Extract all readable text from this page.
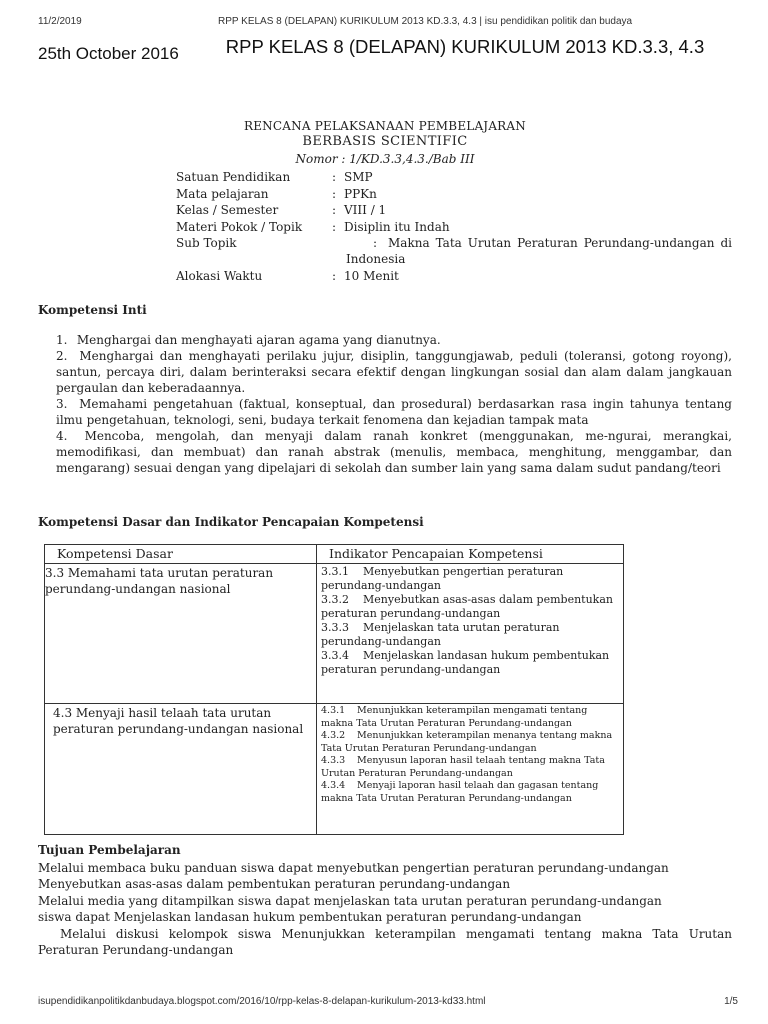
11/2/2019	RPP KELAS 8 (DELAPAN) KURIKULUM 2013 KD.3.3, 4.3 | isu pendidikan politik dan budaya
25th October 2016	RPP KELAS 8 (DELAPAN) KURIKULUM 2013 KD.3.3, 4.3
RENCANA PELAKSANAAN PEMBELAJARAN
BERBASIS SCIENTIFIC
Nomor : 1/KD.3.3,4.3./Bab III
Satuan Pendidikan	: SMP
Mata pelajaran	: PPKn
Kelas / Semester	: VIII / 1
Materi Pokok / Topik : Disiplin itu Indah
Sub Topik	: Makna Tata Urutan Peraturan Perundang-undangan di
Indonesia
Alokasi Waktu	: 10 Menit
Kompetensi Inti
1. Menghargai dan menghayati ajaran agama yang dianutnya.
2. Menghargai dan menghayati perilaku jujur, disiplin, tanggungjawab, peduli (toleransi, gotong royong), santun, percaya diri, dalam berinteraksi secara efektif dengan lingkungan sosial dan alam dalam jangkauan pergaulan dan keberadaannya.
3. Memahami pengetahuan (faktual, konseptual, dan prosedural) berdasarkan rasa ingin tahunya tentang ilmu pengetahuan, teknologi, seni, budaya terkait fenomena dan kejadian tampak mata
4. Mencoba, mengolah, dan menyaji dalam ranah konkret (menggunakan, me-ngurai, merangkai, memodifikasi, dan membuat) dan ranah abstrak (menulis, membaca, menghitung, menggambar, dan mengarang) sesuai dengan yang dipelajari di sekolah dan sumber lain yang sama dalam sudut pandang/teori
Kompetensi Dasar dan Indikator Pencapaian Kompetensi
Kompetensi Dasar	Indikator Pencapaian Kompetensi

3.3 Memahami tata urutan peraturan perundang-undangan nasional	3.3.1 Menyebutkan pengertian peraturan perundang-undangan
3.3.2 Menyebutkan asas-asas dalam pembentukan peraturan perundang-undangan
3.3.3 Menjelaskan tata urutan peraturan perundang-undangan
3.3.4 Menjelaskan landasan hukum pembentukan peraturan perundang-undangan

4.3 Menyaji hasil telaah tata urutan peraturan perundang-undangan nasional	4.3.1 Menunjukkan keterampilan mengamati tentang makna Tata Urutan Peraturan Perundang-undangan
4.3.2 Menunjukkan keterampilan menanya tentang makna Tata Urutan Peraturan Perundang-undangan
4.3.3 Menyusun laporan hasil telaah tentang makna Tata Urutan Peraturan Perundang-undangan
4.3.4 Menyaji laporan hasil telaah dan gagasan tentang makna Tata Urutan Peraturan Perundang-undangan
Tujuan Pembelajaran

Melalui membaca buku panduan siswa dapat menyebutkan pengertian peraturan perundang-undangan

Menyebutkan asas-asas dalam pembentukan peraturan perundang-undangan

Melalui media yang ditampilkan siswa dapat menjelaskan tata urutan peraturan perundang-undangan

siswa dapat Menjelaskan landasan hukum pembentukan peraturan perundang-undangan

Melalui diskusi kelompok siswa Menunjukkan keterampilan mengamati tentang makna Tata Urutan Peraturan Perundang-undangan

isupendidikanpolitikdanbudaya.blogspot.com/2016/10/rpp-kelas-8-delapan-kurikulum-2013-kd33.html	1/5
